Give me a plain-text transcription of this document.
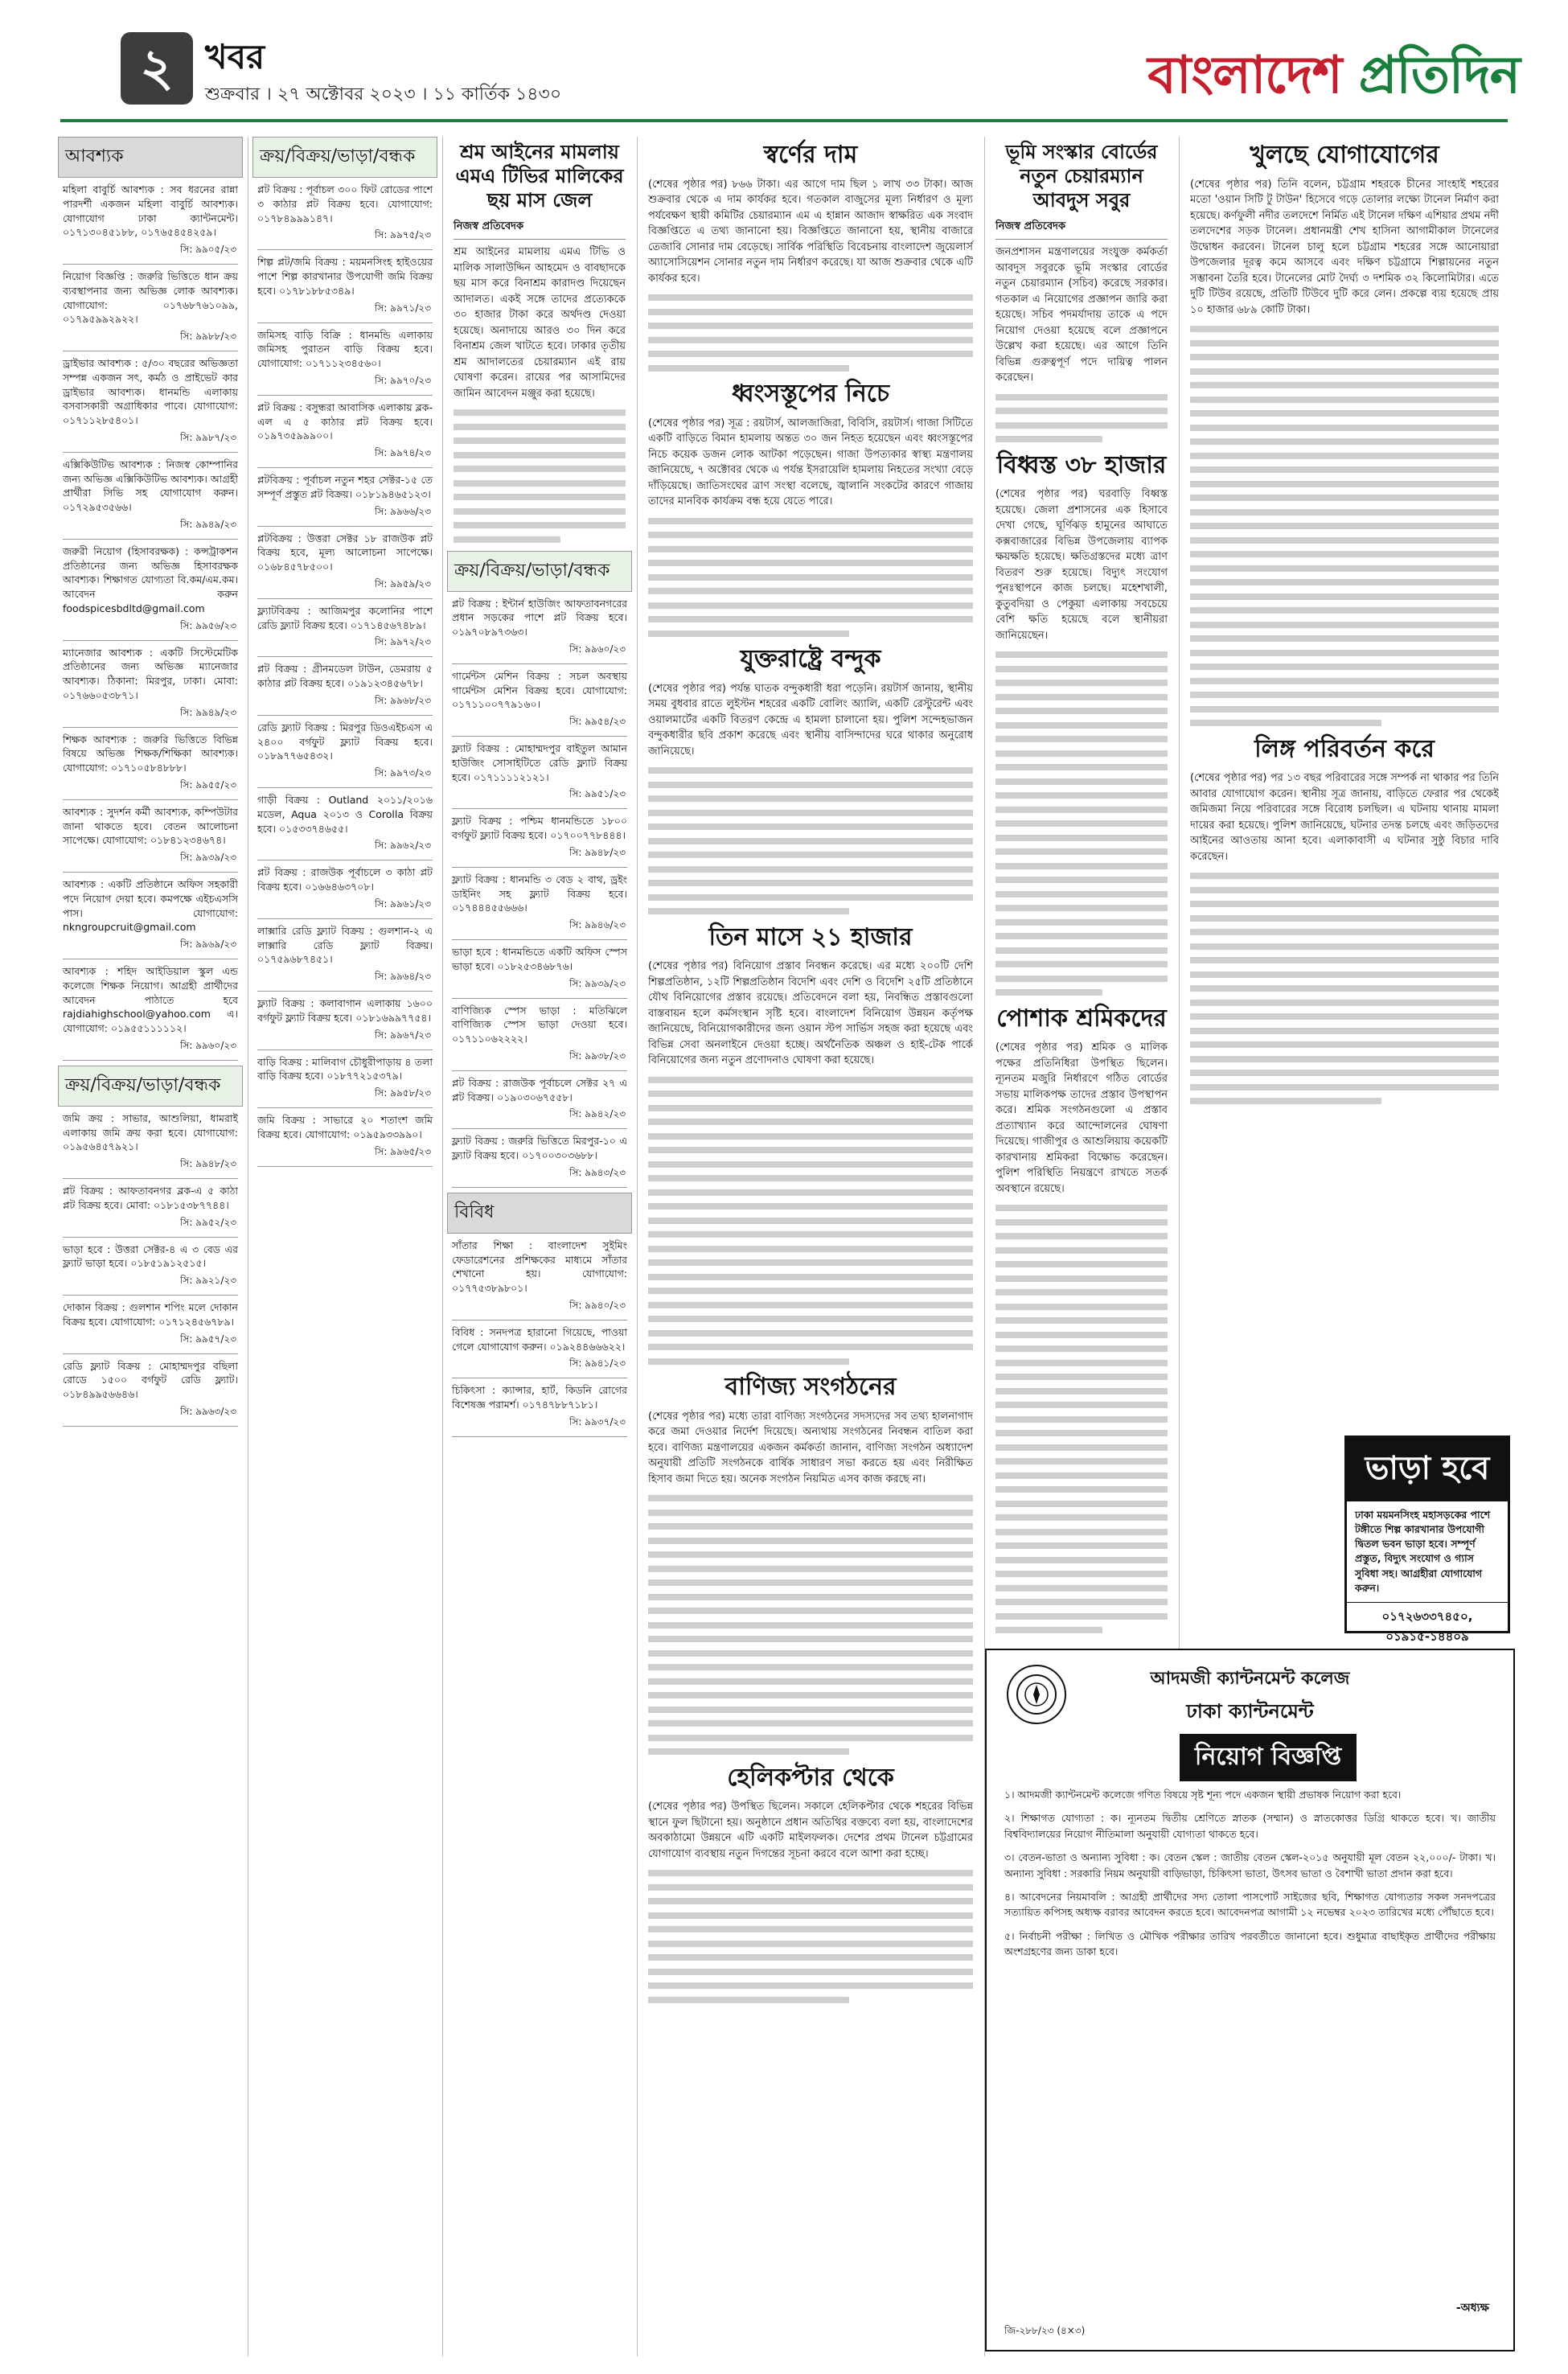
২ খবর
শুক্রবার । ২৭ অক্টোবর ২০২৩ । ১১ কার্তিক ১৪৩০	বাংলাদেশ প্রতিদিন
আবশ্যক
মহিলা বাবুর্চি আবশ্যক : সব ধরনের রান্না পারদর্শী একজন মহিলা বাবুর্চি আবশ্যক। যোগাযোগ ঢাকা ক্যান্টনমেন্ট। ০১৭১৩০৪৫১৮৮, ০১৭৬৫৪৫৪২৫৯।
সি: ৯৯০৫/২৩
নিয়োগ বিজ্ঞপ্তি : জরুরি ভিত্তিতে ধান ক্রয় ব্যবস্থাপনার জন্য অভিজ্ঞ লোক আবশ্যক। যোগাযোগ: ০১৭৬৮৭৬১০৯৯, ০১৭৯৫৯৯২৯২২।
সি: ৯৯৮৮/২৩
ড্রাইভার আবশ্যক : ৫/৩০ বছরের অভিজ্ঞতা সম্পন্ন একজন সৎ, কর্মঠ ও প্রাইভেট কার ড্রাইভার আবশ্যক। ধানমন্ডি এলাকায় বসবাসকারী অগ্রাধিকার পাবে। যোগাযোগ: ০১৭১১২৮৫৪০১।
সি: ৯৯৮৭/২৩
এক্সিকিউটিভ আবশ্যক : নিজস্ব কোম্পানির জন্য অভিজ্ঞ এক্সিকিউটিভ আবশ্যক। আগ্রহী প্রার্থীরা সিভি সহ যোগাযোগ করুন। ০১৭২৯৫৩৫৬৬।
সি: ৯৯৪৯/২৩
জরুরী নিয়োগ (হিসাবরক্ষক) : কন্সট্রাকশন প্রতিষ্ঠানের জন্য অভিজ্ঞ হিসাবরক্ষক আবশ্যক। শিক্ষাগত যোগ্যতা বি.কম/এম.কম। আবেদন করুন foodspicesbdltd@gmail.com
সি: ৯৯৫৬/২৩
ম্যানেজার আবশ্যক : একটি সিস্টেমেটিক প্রতিষ্ঠানের জন্য অভিজ্ঞ ম্যানেজার আবশ্যক। ঠিকানা: মিরপুর, ঢাকা। মোবা: ০১৭৬৬০৫৩৮৭১।
সি: ৯৯৪৯/২৩
শিক্ষক আবশ্যক : জরুরি ভিত্তিতে বিভিন্ন বিষয়ে অভিজ্ঞ শিক্ষক/শিক্ষিকা আবশ্যক। যোগাযোগ: ০১৭১০৫৮৪৮৮৮।
সি: ৯৯৫৫/২৩
আবশ্যক : সুদর্শন কর্মী আবশ্যক, কম্পিউটার জানা থাকতে হবে। বেতন আলোচনা সাপেক্ষে। যোগাযোগ: ০১৮৪১২৩৪৬৭৪।
সি: ৯৯৩৯/২৩
আবশ্যক : একটি প্রতিষ্ঠানে অফিস সহকারী পদে নিয়োগ দেয়া হবে। কমপক্ষে এইচএসসি পাস। যোগাযোগ: nkngroupcruit@gmail.com
সি: ৯৯৬৯/২৩
আবশ্যক : শহিদ আইডিয়াল স্কুল এন্ড কলেজে শিক্ষক নিয়োগ। আগ্রহী প্রার্থীদের আবেদন পাঠাতে হবে rajdiahighschool@yahoo.com এ। যোগাযোগ: ০১৯৫৫১১১১১২।
সি: ৯৯৬০/২৩
ক্রয়/বিক্রয়/ভাড়া/বন্ধক
জমি ক্রয় : সাভার, আশুলিয়া, ধামরাই এলাকায় জমি ক্রয় করা হবে। যোগাযোগ: ০১৯৫৬৪৫৭৯২১।
সি: ৯৯৪৮/২৩
প্লট বিক্রয় : আফতাবনগর ব্লক-এ ৫ কাঠা প্লট বিক্রয় হবে। মোবা: ০১৮১৫৩৮৭৭৪৪।
সি: ৯৯৫২/২৩
ভাড়া হবে : উত্তরা সেক্টর-৪ এ ৩ বেড এর ফ্ল্যাট ভাড়া হবে। ০১৮৫১৯১২৫১৫।
সি: ৯৯২১/২৩
দোকান বিক্রয় : গুলশান শপিং মলে দোকান বিক্রয় হবে। যোগাযোগ: ০১৭১২৪৫৬৭৮৯।
সি: ৯৯৫৭/২৩
রেডি ফ্ল্যাট বিক্রয় : মোহাম্মদপুর বছিলা রোডে ১৫০০ বর্গফুট রেডি ফ্ল্যাট। ০১৮৪৯৯৫৬৬৪৬।
সি: ৯৯৬৩/২৩
ক্রয়/বিক্রয়/ভাড়া/বন্ধক
প্লট বিক্রয় : পূর্বাচল ৩০০ ফিট রোডের পাশে ৩ কাঠার প্লট বিক্রয় হবে। যোগাযোগ: ০১৭৮৪৯৯৯১৪৭।
সি: ৯৯৭৫/২৩
শিল্প প্লট/জমি বিক্রয় : ময়মনসিংহ হাইওয়ের পাশে শিল্প কারখানার উপযোগী জমি বিক্রয় হবে। ০১৭৮১৮৮৫৩৪৯।
সি: ৯৯৭১/২৩
জমিসহ বাড়ি বিক্রি : ধানমন্ডি এলাকায় জমিসহ পুরাতন বাড়ি বিক্রয় হবে। যোগাযোগ: ০১৭১১২৩৪৫৬০।
সি: ৯৯৭০/২৩
প্লট বিক্রয় : বসুন্ধরা আবাসিক এলাকায় ব্লক-এল এ ৫ কাঠার প্লট বিক্রয় হবে। ০১৯৭৩৫৯৯৯০০।
সি: ৯৯৭৪/২৩
প্লটবিক্রয় : পূর্বাচল নতুন শহর সেক্টর-১৫ তে সম্পূর্ণ প্রস্তুত প্লট বিক্রয়। ০১৮১৯৪৬৫১২৩।
সি: ৯৯৬৬/২৩
প্লটবিক্রয় : উত্তরা সেক্টর ১৮ রাজউক প্লট বিক্রয় হবে, মূল্য আলোচনা সাপেক্ষে। ০১৬৮৪৫৭৮৫০০।
সি: ৯৯৫৯/২৩
ফ্ল্যাটবিক্রয় : আজিমপুর কলোনির পাশে রেডি ফ্ল্যাট বিক্রয় হবে। ০১৭১৪৫৬৭৪৮৯।
সি: ৯৯৭২/২৩
প্লট বিক্রয় : গ্রীনমডেল টাউন, ডেমরায় ৫ কাঠার প্লট বিক্রয় হবে। ০১৯১২৩৪৫৬৭৮।
সি: ৯৯৬৮/২৩
রেডি ফ্ল্যাট বিক্রয় : মিরপুর ডিওএইচএস এ ২৪০০ বর্গফুট ফ্ল্যাট বিক্রয় হবে। ০১৮৯৭৭৬৫৪৩২।
সি: ৯৯৭৩/২৩
গাড়ী বিক্রয় : Outland ২০১১/২০১৬ মডেল, Aqua ২০১৩ ও Corolla বিক্রয় হবে। ০১৫৩৩৭৪৬৫৫।
সি: ৯৯৬২/২৩
প্লট বিক্রয় : রাজউক পূর্বাচলে ৩ কাঠা প্লট বিক্রয় হবে। ০১৬৬৪৬৩৭০৮।
সি: ৯৯৬১/২৩
লাক্সারি রেডি ফ্ল্যাট বিক্রয় : গুলশান-২ এ লাক্সারি রেডি ফ্ল্যাট বিক্রয়। ০১৭৫৯৬৮৭৪৫১।
সি: ৯৯৬৪/২৩
ফ্ল্যাট বিক্রয় : কলাবাগান এলাকায় ১৬০০ বর্গফুট ফ্ল্যাট বিক্রয় হবে। ০১৮১৬৯৯৭৭৫৪।
সি: ৯৯৬৭/২৩
বাড়ি বিক্রয় : মালিবাগ চৌধুরীপাড়ায় ৪ তলা বাড়ি বিক্রয় হবে। ০১৮৭৭২১৫৩৭৯।
সি: ৯৯৫৮/২৩
জমি বিক্রয় : সাভারে ২০ শতাংশ জমি বিক্রয় হবে। যোগাযোগ: ০১৯৫৯৩৩৯৯০।
সি: ৯৯৬৫/২৩
শ্রম আইনের মামলায় এমএ টিভির মালিকের ছয় মাস জেল
নিজস্ব প্রতিবেদক
শ্রম আইনের মামলায় এমএ টিভি ও মালিক সালাউদ্দিন আহমেদ ও বাবছাদকে ছয় মাস করে বিনাশ্রম কারাদণ্ড দিয়েছেন আদালত। একই সঙ্গে তাদের প্রত্যেককে ৩০ হাজার টাকা করে অর্থদণ্ড দেওয়া হয়েছে। অনাদায়ে আরও ৩০ দিন করে বিনাশ্রম জেল খাটতে হবে। ঢাকার তৃতীয় শ্রম আদালতের চেয়ারম্যান এই রায় ঘোষণা করেন। রায়ের পর আসামিদের জামিন আবেদন মঞ্জুর করা হয়েছে।
ক্রয়/বিক্রয়/ভাড়া/বন্ধক
প্লট বিক্রয় : ইন্টার্ন হাউজিং আফতাবনগরের প্রধান সড়কের পাশে প্লট বিক্রয় হবে। ০১৯৭০৮৯৭৩৬৩।
সি: ৯৯৬০/২৩
গার্মেন্টস মেশিন বিক্রয় : সচল অবস্থায় গার্মেন্টস মেশিন বিক্রয় হবে। যোগাযোগ: ০১৭১১০০৭৭৯১৬০।
সি: ৯৯৫৪/২৩
ফ্ল্যাট বিক্রয় : মোহাম্মদপুর বাইতুল আমান হাউজিং সোসাইটিতে রেডি ফ্ল্যাট বিক্রয় হবে। ০১৭১১১১২১২১।
সি: ৯৯৫১/২৩
ফ্ল্যাট বিক্রয় : পশ্চিম ধানমন্ডিতে ১৮০০ বর্গফুট ফ্ল্যাট বিক্রয় হবে। ০১৭০০৭৭৮৪৪৪।
সি: ৯৯৪৮/২৩
ফ্ল্যাট বিক্রয় : ধানমন্ডি ৩ বেড ২ বাথ, ড্রইং ডাইনিং সহ ফ্ল্যাট বিক্রয় হবে। ০১৭৪৪৪৫৫৬৬৬।
সি: ৯৯৪৬/২৩
ভাড়া হবে : ধানমন্ডিতে একটি অফিস স্পেস ভাড়া হবে। ০১৮২৫৩৪৬৮৭৬।
সি: ৯৯৩৯/২৩
বাণিজ্যিক স্পেস ভাড়া : মতিঝিলে বাণিজ্যিক স্পেস ভাড়া দেওয়া হবে। ০১৭১১০৬২২২২।
সি: ৯৯৩৮/২৩
প্লট বিক্রয় : রাজউক পূর্বাচলে সেক্টর ২৭ এ প্লট বিক্রয়। ০১৯০৩০৬৭৫৫৮।
সি: ৯৯৪২/২৩
ফ্ল্যাট বিক্রয় : জরুরি ভিত্তিতে মিরপুর-১০ এ ফ্ল্যাট বিক্রয় হবে। ০১৭০০৩০৩৬৮৮।
সি: ৯৯৪৩/২৩
বিবিধ
সাঁতার শিক্ষা : বাংলাদেশ সুইমিং ফেডারেশনের প্রশিক্ষকের মাধ্যমে সাঁতার শেখানো হয়। যোগাযোগ: ০১৭৭৫৩৮৯৮০১।
সি: ৯৯৪০/২৩
বিবিধ : সনদপত্র হারানো গিয়েছে, পাওয়া গেলে যোগাযোগ করুন। ০১৯২৪৪৬৬৬২২।
সি: ৯৯৪১/২৩
চিকিৎসা : ক্যান্সার, হার্ট, কিডনি রোগের বিশেষজ্ঞ পরামর্শ। ০১৭৪৭৮৮৭১৮১।
সি: ৯৯৩৭/২৩
স্বর্ণের দাম
(শেষের পৃষ্ঠার পর) ৮৬৬ টাকা। এর আগে দাম ছিল ১ লাখ ৩৩ টাকা। আজ শুক্রবার থেকে এ দাম কার্যকর হবে। গতকাল বাজুসের মূল্য নির্ধারণ ও মূল্য পর্যবেক্ষণ স্থায়ী কমিটির চেয়ারম্যান এম এ হান্নান আজাদ স্বাক্ষরিত এক সংবাদ বিজ্ঞপ্তিতে এ তথ্য জানানো হয়। বিজ্ঞপ্তিতে জানানো হয়, স্থানীয় বাজারে তেজাবি সোনার দাম বেড়েছে। সার্বিক পরিস্থিতি বিবেচনায় বাংলাদেশ জুয়েলার্স অ্যাসোসিয়েশন সোনার নতুন দাম নির্ধারণ করেছে। যা আজ শুক্রবার থেকে এটি কার্যকর হবে।
ধ্বংসস্তূপের নিচে
(শেষের পৃষ্ঠার পর) সূত্র : রয়টার্স, আলজাজিরা, বিবিসি, রয়টার্স। গাজা সিটিতে একটি বাড়িতে বিমান হামলায় অন্তত ৩০ জন নিহত হয়েছেন এবং ধ্বংসস্তূপের নিচে কয়েক ডজন লোক আটকা পড়েছেন। গাজা উপত্যকার স্বাস্থ্য মন্ত্রণালয় জানিয়েছে, ৭ অক্টোবর থেকে এ পর্যন্ত ইসরায়েলি হামলায় নিহতের সংখ্যা বেড়ে দাঁড়িয়েছে। জাতিসংঘের ত্রাণ সংস্থা বলেছে, জ্বালানি সংকটের কারণে গাজায় তাদের মানবিক কার্যক্রম বন্ধ হয়ে যেতে পারে।
যুক্তরাষ্ট্রে বন্দুক
(শেষের পৃষ্ঠার পর) পর্যন্ত ঘাতক বন্দুকধারী ধরা পড়েনি। রয়টার্স জানায়, স্থানীয় সময় বুধবার রাতে লুইস্টন শহরের একটি বোলিং অ্যালি, একটি রেস্টুরেন্ট এবং ওয়ালমার্টের একটি বিতরণ কেন্দ্রে এ হামলা চালানো হয়। পুলিশ সন্দেহভাজন বন্দুকধারীর ছবি প্রকাশ করেছে এবং স্থানীয় বাসিন্দাদের ঘরে থাকার অনুরোধ জানিয়েছে।
তিন মাসে ২১ হাজার
(শেষের পৃষ্ঠার পর) বিনিয়োগ প্রস্তাব নিবন্ধন করেছে। এর মধ্যে ২০০টি দেশি শিল্পপ্রতিষ্ঠান, ১২টি শিল্পপ্রতিষ্ঠান বিদেশি এবং দেশি ও বিদেশি ২৫টি প্রতিষ্ঠানে যৌথ বিনিয়োগের প্রস্তাব রয়েছে। প্রতিবেদনে বলা হয়, নিবন্ধিত প্রস্তাবগুলো বাস্তবায়ন হলে কর্মসংস্থান সৃষ্টি হবে। বাংলাদেশ বিনিয়োগ উন্নয়ন কর্তৃপক্ষ জানিয়েছে, বিনিয়োগকারীদের জন্য ওয়ান স্টপ সার্ভিস সহজ করা হয়েছে এবং বিভিন্ন সেবা অনলাইনে দেওয়া হচ্ছে। অর্থনৈতিক অঞ্চল ও হাই-টেক পার্কে বিনিয়োগের জন্য নতুন প্রণোদনাও ঘোষণা করা হয়েছে।
বাণিজ্য সংগঠনের
(শেষের পৃষ্ঠার পর) মধ্যে তারা বাণিজ্য সংগঠনের সদস্যদের সব তথ্য হালনাগাদ করে জমা দেওয়ার নির্দেশ দিয়েছে। অন্যথায় সংগঠনের নিবন্ধন বাতিল করা হবে। বাণিজ্য মন্ত্রণালয়ের একজন কর্মকর্তা জানান, বাণিজ্য সংগঠন অধ্যাদেশ অনুযায়ী প্রতিটি সংগঠনকে বার্ষিক সাধারণ সভা করতে হয় এবং নিরীক্ষিত হিসাব জমা দিতে হয়। অনেক সংগঠন নিয়মিত এসব কাজ করছে না।
হেলিকপ্টার থেকে
(শেষের পৃষ্ঠার পর) উপস্থিত ছিলেন। সকালে হেলিকপ্টার থেকে শহরের বিভিন্ন স্থানে ফুল ছিটানো হয়। অনুষ্ঠানে প্রধান অতিথির বক্তব্যে বলা হয়, বাংলাদেশের অবকাঠামো উন্নয়নে এটি একটি মাইলফলক। দেশের প্রথম টানেল চট্টগ্রামের যোগাযোগ ব্যবস্থায় নতুন দিগন্তের সূচনা করবে বলে আশা করা হচ্ছে।
ভূমি সংস্কার বোর্ডের নতুন চেয়ারম্যান আবদুস সবুর
নিজস্ব প্রতিবেদক
জনপ্রশাসন মন্ত্রণালয়ের সংযুক্ত কর্মকর্তা আবদুস সবুরকে ভূমি সংস্কার বোর্ডের নতুন চেয়ারম্যান (সচিব) করেছে সরকার। গতকাল এ নিয়োগের প্রজ্ঞাপন জারি করা হয়েছে। সচিব পদমর্যাদায় তাকে এ পদে নিয়োগ দেওয়া হয়েছে বলে প্রজ্ঞাপনে উল্লেখ করা হয়েছে। এর আগে তিনি বিভিন্ন গুরুত্বপূর্ণ পদে দায়িত্ব পালন করেছেন।
বিধ্বস্ত ৩৮ হাজার
(শেষের পৃষ্ঠার পর) ঘরবাড়ি বিধ্বস্ত হয়েছে। জেলা প্রশাসনের এক হিসাবে দেখা গেছে, ঘূর্ণিঝড় হামুনের আঘাতে কক্সবাজারের বিভিন্ন উপজেলায় ব্যাপক ক্ষয়ক্ষতি হয়েছে। ক্ষতিগ্রস্তদের মধ্যে ত্রাণ বিতরণ শুরু হয়েছে। বিদ্যুৎ সংযোগ পুনঃস্থাপনে কাজ চলছে। মহেশখালী, কুতুবদিয়া ও পেকুয়া এলাকায় সবচেয়ে বেশি ক্ষতি হয়েছে বলে স্থানীয়রা জানিয়েছেন।
পোশাক শ্রমিকদের
(শেষের পৃষ্ঠার পর) শ্রমিক ও মালিক পক্ষের প্রতিনিধিরা উপস্থিত ছিলেন। ন্যূনতম মজুরি নির্ধারণে গঠিত বোর্ডের সভায় মালিকপক্ষ তাদের প্রস্তাব উপস্থাপন করে। শ্রমিক সংগঠনগুলো এ প্রস্তাব প্রত্যাখ্যান করে আন্দোলনের ঘোষণা দিয়েছে। গাজীপুর ও আশুলিয়ায় কয়েকটি কারখানায় শ্রমিকরা বিক্ষোভ করেছেন। পুলিশ পরিস্থিতি নিয়ন্ত্রণে রাখতে সতর্ক অবস্থানে রয়েছে।
খুলছে যোগাযোগের
(শেষের পৃষ্ঠার পর) তিনি বলেন, চট্টগ্রাম শহরকে চীনের সাংহাই শহরের মতো 'ওয়ান সিটি টু টাউন' হিসেবে গড়ে তোলার লক্ষ্যে টানেল নির্মাণ করা হয়েছে। কর্ণফুলী নদীর তলদেশে নির্মিত এই টানেল দক্ষিণ এশিয়ার প্রথম নদী তলদেশের সড়ক টানেল। প্রধানমন্ত্রী শেখ হাসিনা আগামীকাল টানেলের উদ্বোধন করবেন। টানেল চালু হলে চট্টগ্রাম শহরের সঙ্গে আনোয়ারা উপজেলার দূরত্ব কমে আসবে এবং দক্ষিণ চট্টগ্রামে শিল্পায়নের নতুন সম্ভাবনা তৈরি হবে। টানেলের মোট দৈর্ঘ্য ৩ দশমিক ৩২ কিলোমিটার। এতে দুটি টিউব রয়েছে, প্রতিটি টিউবে দুটি করে লেন। প্রকল্পে ব্যয় হয়েছে প্রায় ১০ হাজার ৬৮৯ কোটি টাকা।
লিঙ্গ পরিবর্তন করে
(শেষের পৃষ্ঠার পর) পর ১৩ বছর পরিবারের সঙ্গে সম্পর্ক না থাকার পর তিনি আবার যোগাযোগ করেন। স্থানীয় সূত্র জানায়, বাড়িতে ফেরার পর থেকেই জমিজমা নিয়ে পরিবারের সঙ্গে বিরোধ চলছিল। এ ঘটনায় থানায় মামলা দায়ের করা হয়েছে। পুলিশ জানিয়েছে, ঘটনার তদন্ত চলছে এবং জড়িতদের আইনের আওতায় আনা হবে। এলাকাবাসী এ ঘটনার সুষ্ঠু বিচার দাবি করেছেন।
ভাড়া হবে
ঢাকা ময়মনসিংহ মহাসড়কের পাশে টঙ্গীতে শিল্প কারখানার উপযোগী দ্বিতল ভবন ভাড়া হবে। সম্পূর্ণ প্রস্তুত, বিদ্যুৎ সংযোগ ও গ্যাস সুবিধা সহ। আগ্রহীরা যোগাযোগ করুন।
০১৭২৬৩৩৭৪৫০, ০১৯১৫-১৪৪০৯
আদমজী ক্যান্টনমেন্ট কলেজ
ঢাকা ক্যান্টনমেন্ট
নিয়োগ বিজ্ঞপ্তি
১। আদমজী ক্যান্টনমেন্ট কলেজে গণিত বিষয়ে সৃষ্ট শূন্য পদে একজন স্থায়ী প্রভাষক নিয়োগ করা হবে।
২। শিক্ষাগত যোগ্যতা : ক। ন্যূনতম দ্বিতীয় শ্রেণিতে স্নাতক (সম্মান) ও স্নাতকোত্তর ডিগ্রি থাকতে হবে। খ। জাতীয় বিশ্ববিদ্যালয়ের নিয়োগ নীতিমালা অনুযায়ী যোগ্যতা থাকতে হবে।
৩। বেতন-ভাতা ও অন্যান্য সুবিধা : ক। বেতন স্কেল : জাতীয় বেতন স্কেল-২০১৫ অনুযায়ী মূল বেতন ২২,০০০/- টাকা। খ। অন্যান্য সুবিধা : সরকারি নিয়ম অনুযায়ী বাড়িভাড়া, চিকিৎসা ভাতা, উৎসব ভাতা ও বৈশাখী ভাতা প্রদান করা হবে।
৪। আবেদনের নিয়মাবলি : আগ্রহী প্রার্থীদের সদ্য তোলা পাসপোর্ট সাইজের ছবি, শিক্ষাগত যোগ্যতার সকল সনদপত্রের সত্যায়িত কপিসহ অধ্যক্ষ বরাবর আবেদন করতে হবে। আবেদনপত্র আগামী ১২ নভেম্বর ২০২৩ তারিখের মধ্যে পৌঁছাতে হবে।
৫। নির্বাচনী পরীক্ষা : লিখিত ও মৌখিক পরীক্ষার তারিখ পরবর্তীতে জানানো হবে। শুধুমাত্র বাছাইকৃত প্রার্থীদের পরীক্ষায় অংশগ্রহণের জন্য ডাকা হবে।
-অধ্যক্ষ
জি-২৮৮/২৩ (৪×৩)
